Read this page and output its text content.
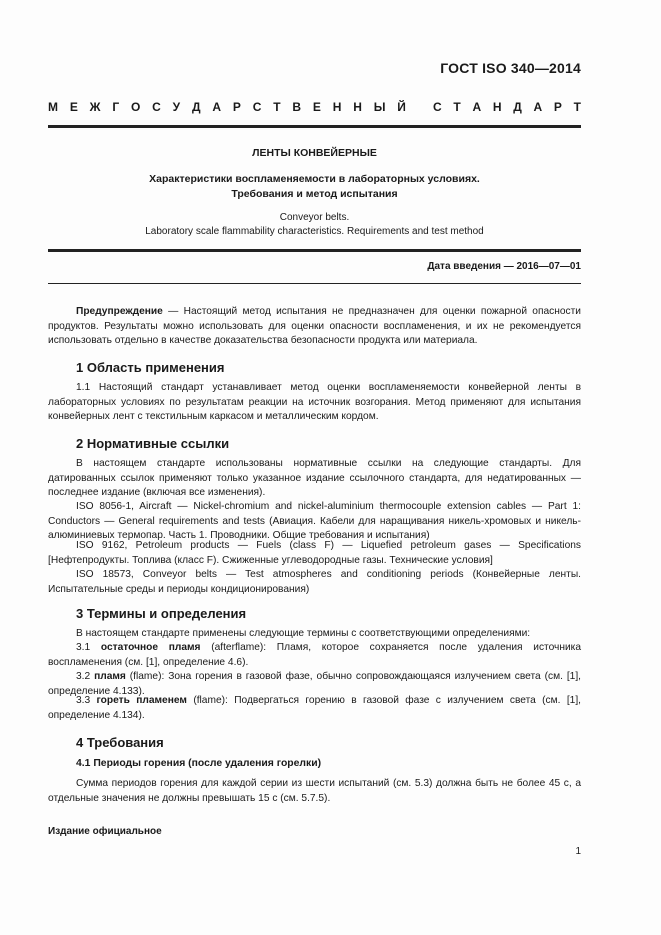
ГОСТ ISO 340—2014
М Е Ж Г О С У Д А Р С Т В Е Н Н Ы Й С Т А Н Д А Р Т
ЛЕНТЫ КОНВЕЙЕРНЫЕ
Характеристики воспламеняемости в лабораторных условиях.
Требования и метод испытания
Conveyor belts.
Laboratory scale flammability characteristics. Requirements and test method
Дата введения — 2016—07—01

Предупреждение — Настоящий метод испытания не предназначен для оценки пожарной опасности продуктов. Результаты можно использовать для оценки опасности воспламенения, и их не рекомендуется использовать отдельно в качестве доказательства безопасности продукта или материала.

1 Область применения

1.1 Настоящий стандарт устанавливает метод оценки воспламеняемости конвейерной ленты в лабораторных условиях по результатам реакции на источник возгорания. Метод применяют для испытания конвейерных лент с текстильным каркасом и металлическим кордом.

2 Нормативные ссылки

В настоящем стандарте использованы нормативные ссылки на следующие стандарты. Для датированных ссылок применяют только указанное издание ссылочного стандарта, для недатированных — последнее издание (включая все изменения).

ISO 8056-1, Aircraft — Nickel-chromium and nickel-aluminium thermocouple extension cables — Part 1: Conductors — General requirements and tests (Авиация. Кабели для наращивания никель-хромовых и никель-алюминиевых термопар. Часть 1. Проводники. Общие требования и испытания)

ISO 9162, Petroleum products — Fuels (class F) — Liquefied petroleum gases — Specifications [Нефтепродукты. Топлива (класс F). Сжиженные углеводородные газы. Технические условия]

ISO 18573, Conveyor belts — Test atmospheres and conditioning periods (Конвейерные ленты. Испытательные среды и периоды кондиционирования)

3 Термины и определения

В настоящем стандарте применены следующие термины с соответствующими определениями:

3.1 остаточное пламя (afterflame): Пламя, которое сохраняется после удаления источника воспламенения (см. [1], определение 4.6).

3.2 пламя (flame): Зона горения в газовой фазе, обычно сопровождающаяся излучением света (см. [1], определение 4.133).

3.3 гореть пламенем (flame): Подвергаться горению в газовой фазе с излучением света (см. [1], определение 4.134).

4 Требования
4.1 Периоды горения (после удаления горелки)

Сумма периодов горения для каждой серии из шести испытаний (см. 5.3) должна быть не более 45 с, а отдельные значения не должны превышать 15 с (см. 5.7.5).

Издание официальное
1
